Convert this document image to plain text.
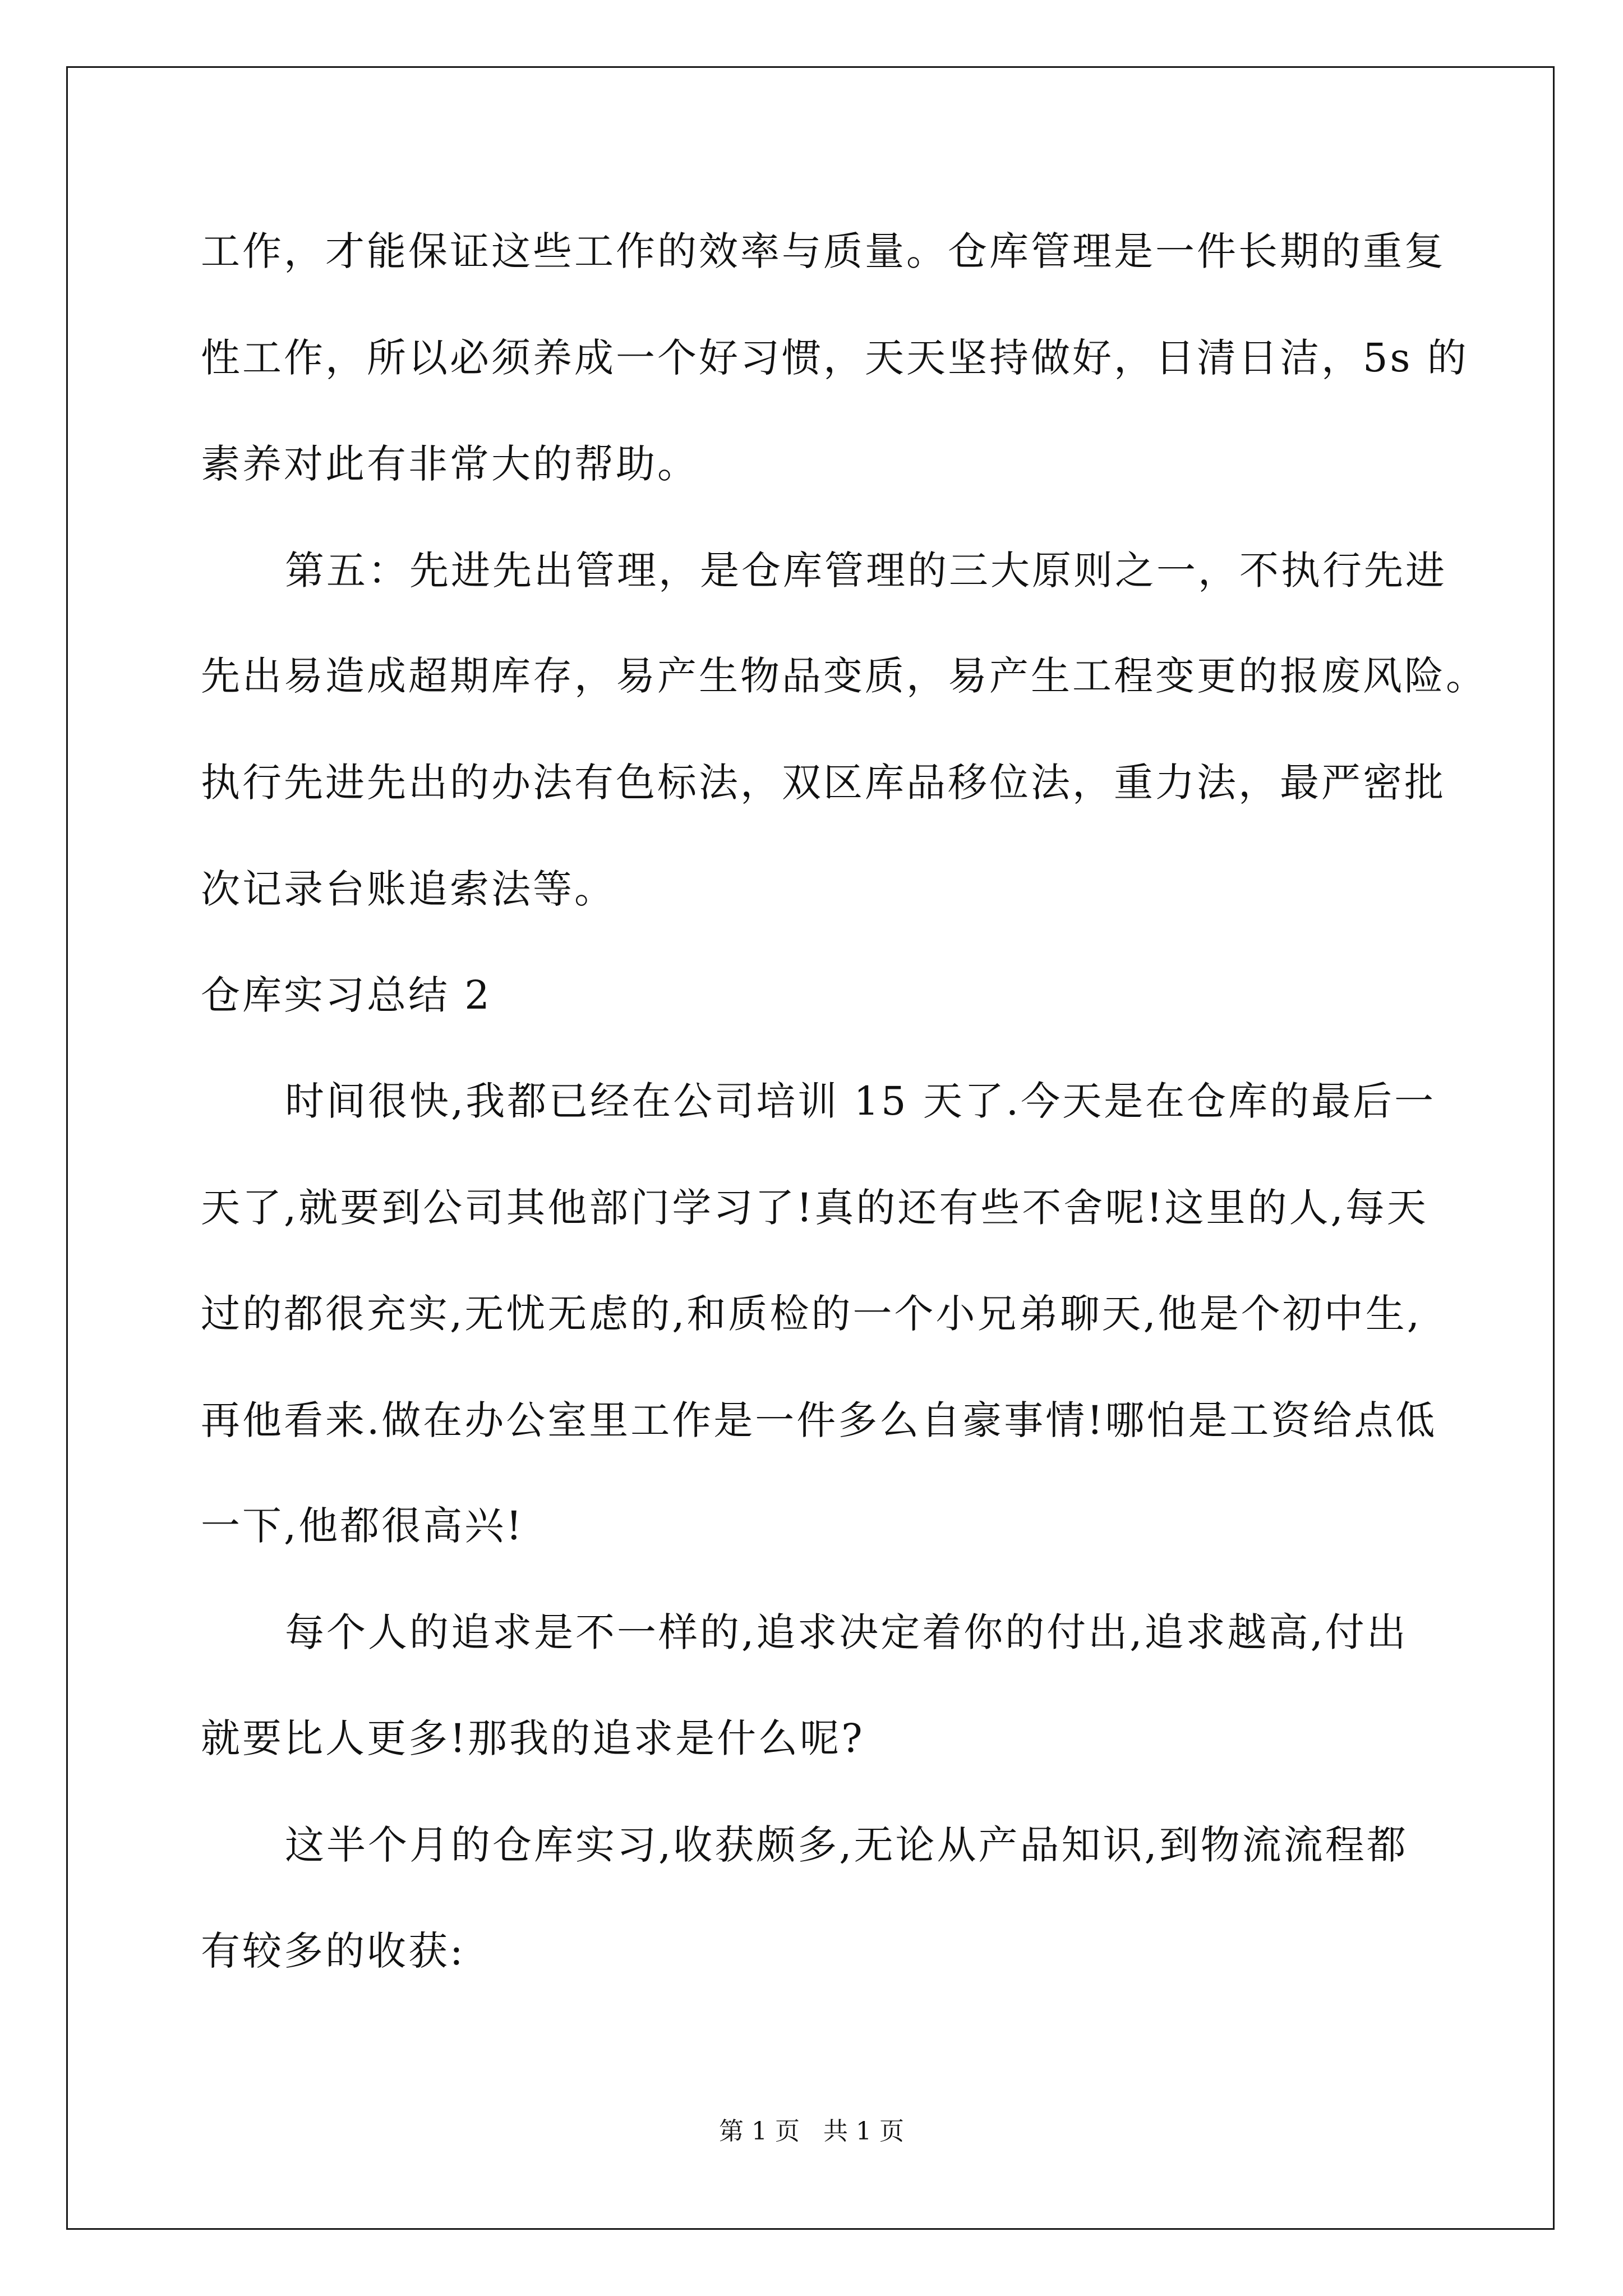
工作，才能保证这些工作的效率与质量。仓库管理是一件长期的重复
性工作，所以必须养成一个好习惯，天天坚持做好，日清日洁，5s 的
素养对此有非常大的帮助。
第五：先进先出管理，是仓库管理的三大原则之一，不执行先进
先出易造成超期库存，易产生物品变质，易产生工程变更的报废风险。
执行先进先出的办法有色标法，双区库品移位法，重力法，最严密批
次记录台账追索法等。
仓库实习总结 2
时间很快,我都已经在公司培训 15 天了.今天是在仓库的最后一
天了,就要到公司其他部门学习了!真的还有些不舍呢!这里的人,每天
过的都很充实,无忧无虑的,和质检的一个小兄弟聊天,他是个初中生,
再他看来.做在办公室里工作是一件多么自豪事情!哪怕是工资给点低
一下,他都很高兴!
每个人的追求是不一样的,追求决定着你的付出,追求越高,付出
就要比人更多!那我的追求是什么呢?
这半个月的仓库实习,收获颇多,无论从产品知识,到物流流程都
有较多的收获:
第 1 页 共 1 页
